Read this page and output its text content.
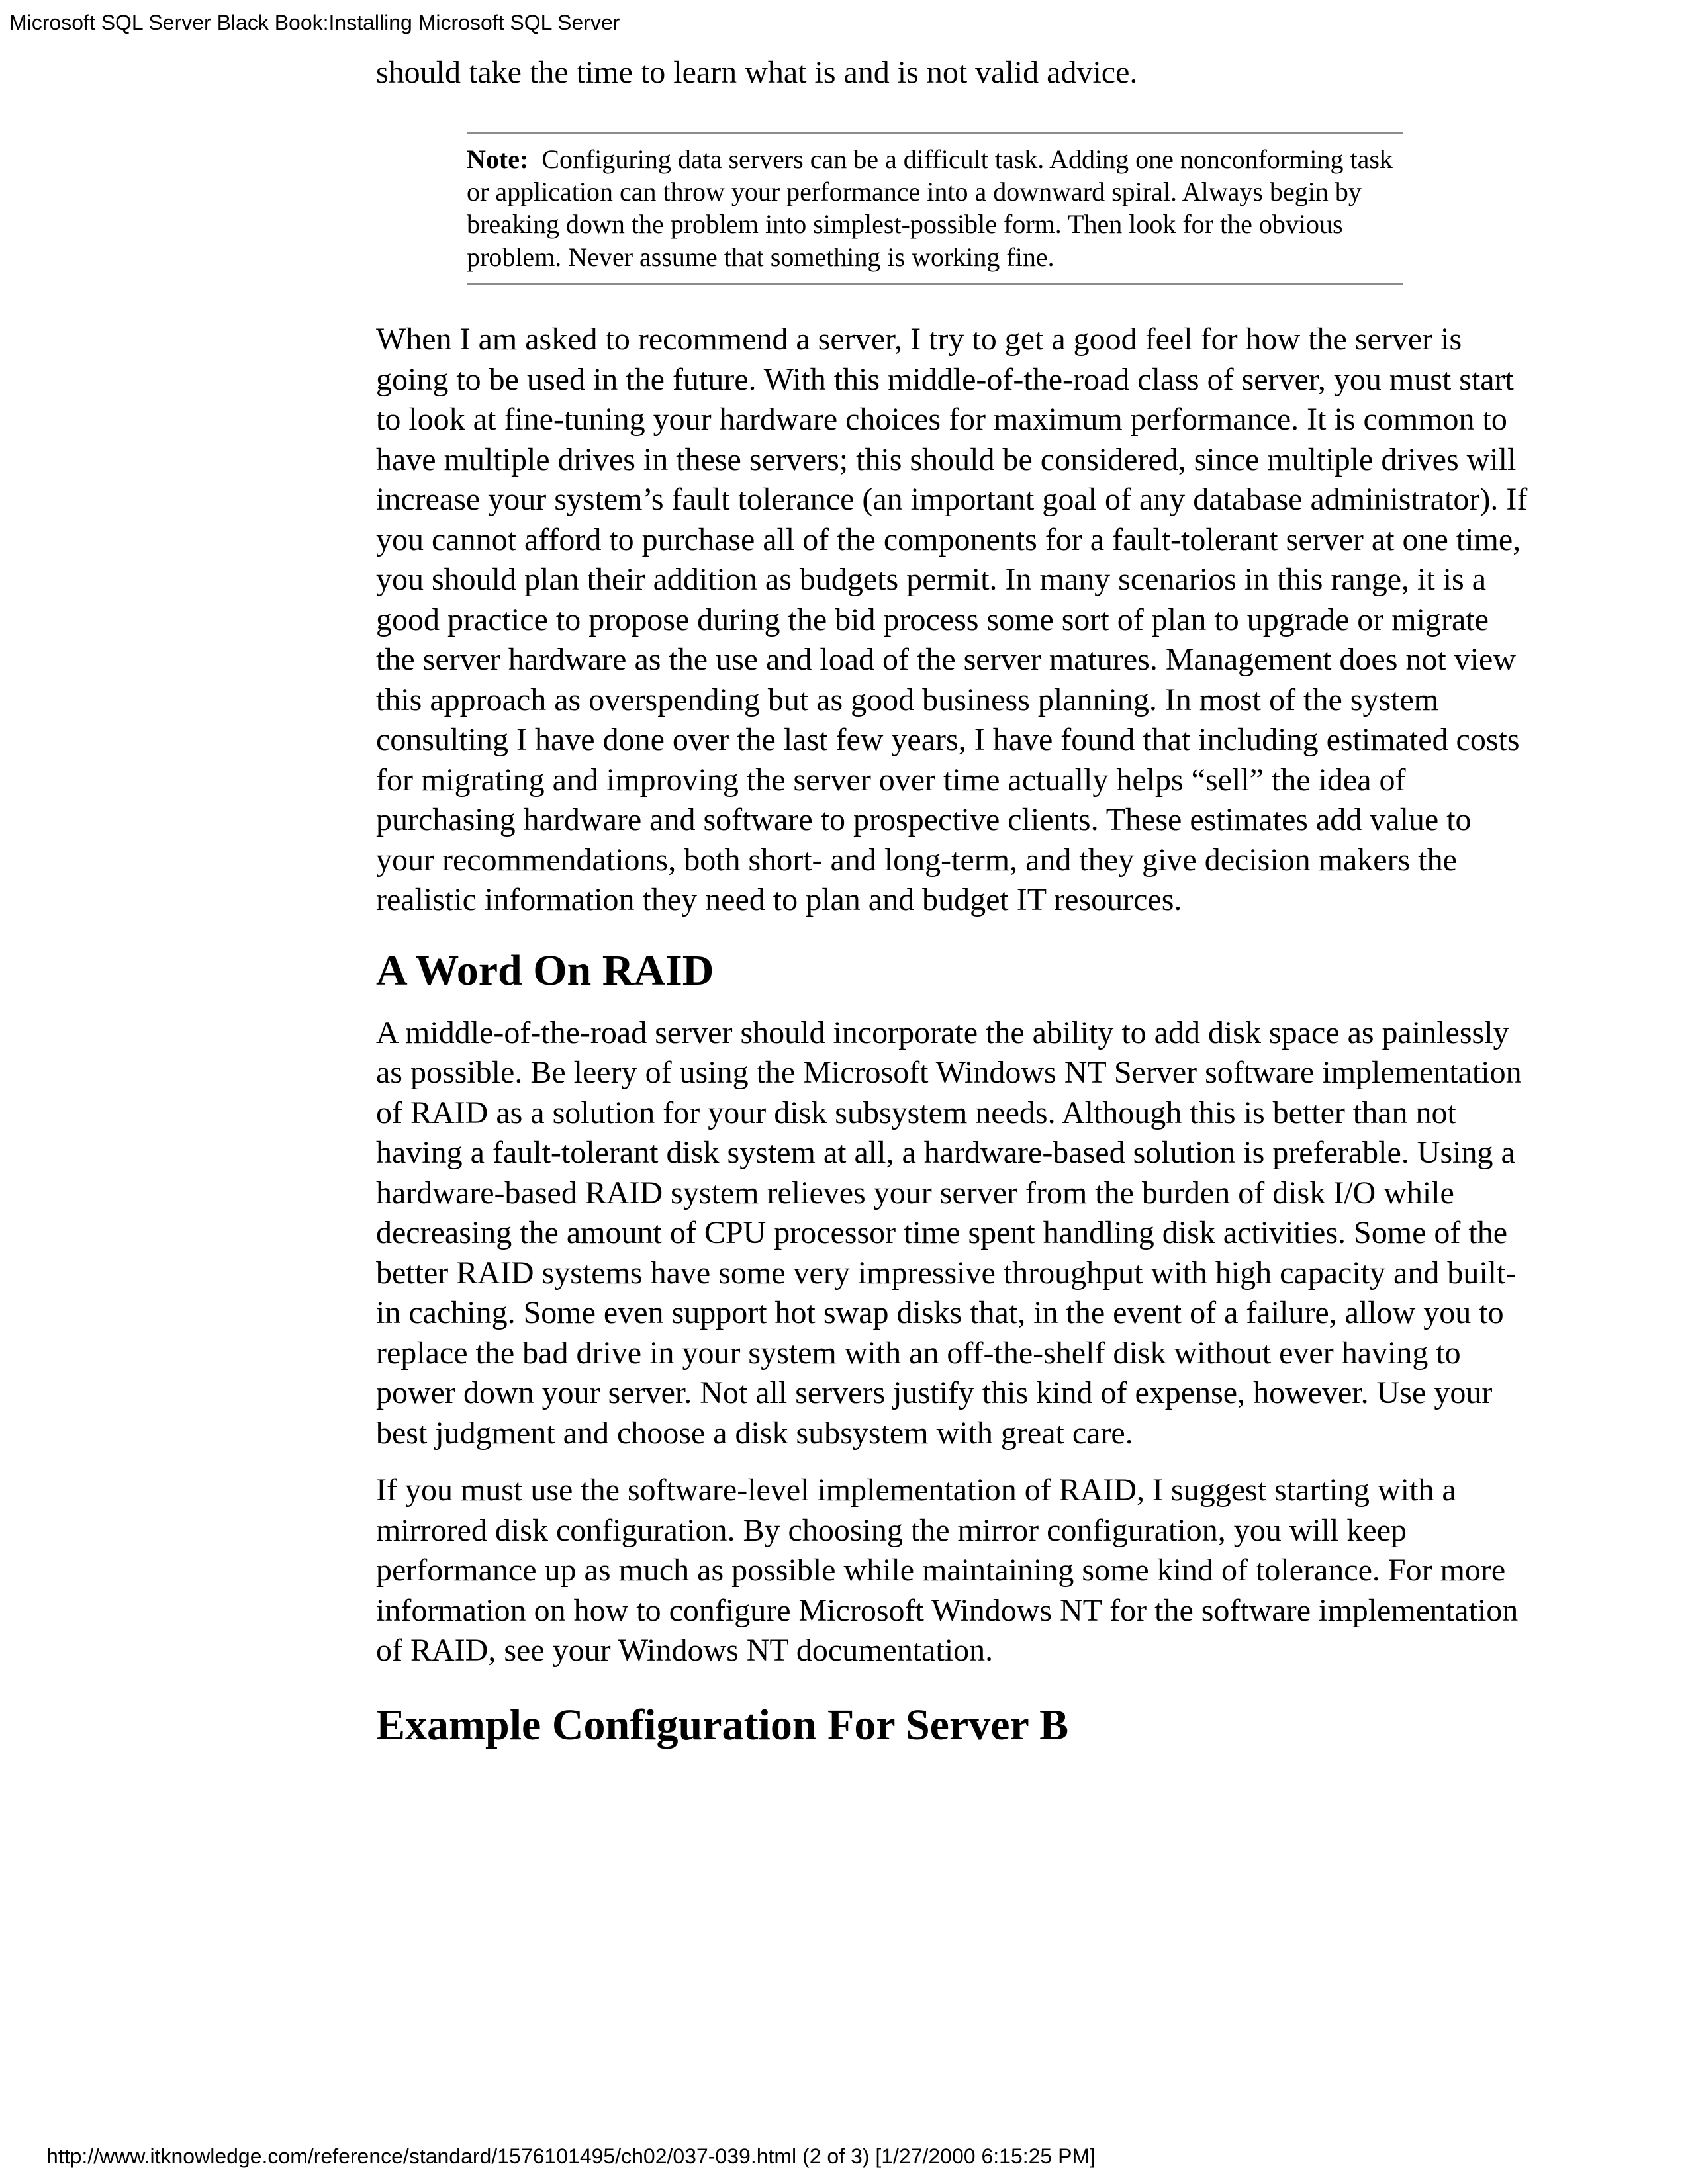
Microsoft SQL Server Black Book:Installing Microsoft SQL Server

should take the time to learn what is and is not valid advice.

Note: Configuring data servers can be a difficult task. Adding one nonconforming task or application can throw your performance into a downward spiral. Always begin by breaking down the problem into simplest-possible form. Then look for the obvious problem. Never assume that something is working fine.

When I am asked to recommend a server, I try to get a good feel for how the server is going to be used in the future. With this middle-of-the-road class of server, you must start to look at fine-tuning your hardware choices for maximum performance. It is common to have multiple drives in these servers; this should be considered, since multiple drives will increase your system’s fault tolerance (an important goal of any database administrator). If you cannot afford to purchase all of the components for a fault-tolerant server at one time, you should plan their addition as budgets permit. In many scenarios in this range, it is a good practice to propose during the bid process some sort of plan to upgrade or migrate the server hardware as the use and load of the server matures. Management does not view this approach as overspending but as good business planning. In most of the system consulting I have done over the last few years, I have found that including estimated costs for migrating and improving the server over time actually helps “sell” the idea of purchasing hardware and software to prospective clients. These estimates add value to your recommendations, both short- and long-term, and they give decision makers the realistic information they need to plan and budget IT resources.

A Word On RAID

A middle-of-the-road server should incorporate the ability to add disk space as painlessly as possible. Be leery of using the Microsoft Windows NT Server software implementation of RAID as a solution for your disk subsystem needs. Although this is better than not having a fault-tolerant disk system at all, a hardware-based solution is preferable. Using a hardware-based RAID system relieves your server from the burden of disk I/O while decreasing the amount of CPU processor time spent handling disk activities. Some of the better RAID systems have some very impressive throughput with high capacity and built-in caching. Some even support hot swap disks that, in the event of a failure, allow you to replace the bad drive in your system with an off-the-shelf disk without ever having to power down your server. Not all servers justify this kind of expense, however. Use your best judgment and choose a disk subsystem with great care.

If you must use the software-level implementation of RAID, I suggest starting with a mirrored disk configuration. By choosing the mirror configuration, you will keep performance up as much as possible while maintaining some kind of tolerance. For more information on how to configure Microsoft Windows NT for the software implementation of RAID, see your Windows NT documentation.

Example Configuration For Server B
http://www.itknowledge.com/reference/standard/1576101495/ch02/037-039.html (2 of 3) [1/27/2000 6:15:25 PM]
